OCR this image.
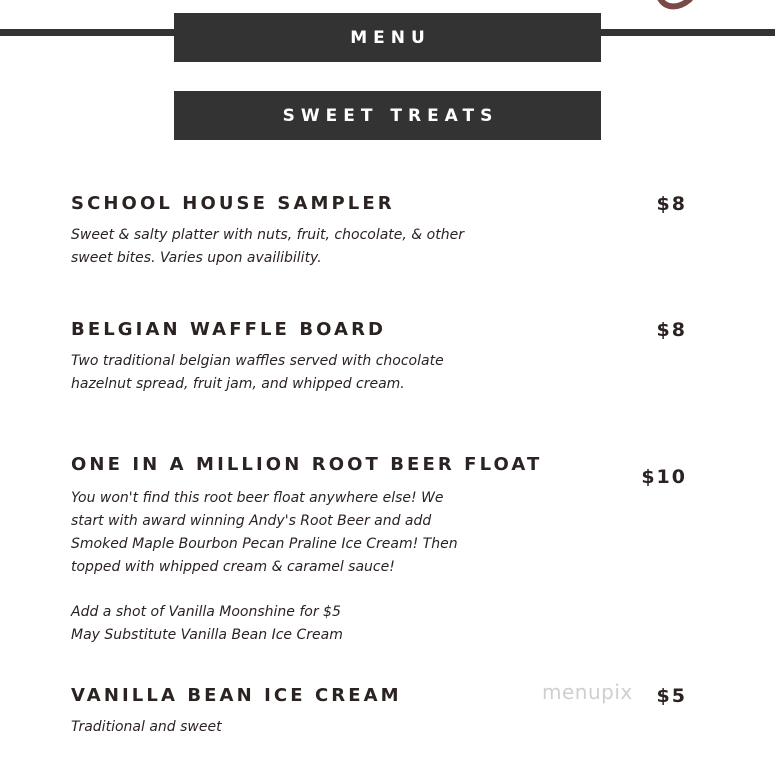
MENU
SWEET TREATS
SCHOOL HOUSE SAMPLER	$8

Sweet & salty platter with nuts, fruit, chocolate, & other

sweet bites. Varies upon availibility.

BELGIAN WAFFLE BOARD	$8

Two traditional belgian waffles served with chocolate

hazelnut spread, fruit jam, and whipped cream.

ONE IN A MILLION ROOT BEER FLOAT
$10

You won't find this root beer float anywhere else! We

start with award winning Andy's Root Beer and add

Smoked Maple Bourbon Pecan Praline Ice Cream! Then

topped with whipped cream & caramel sauce!

Add a shot of Vanilla Moonshine for $5

May Substitute Vanilla Bean Ice Cream

VANILLA BEAN ICE CREAM	$5

Traditional and sweet

menupix
